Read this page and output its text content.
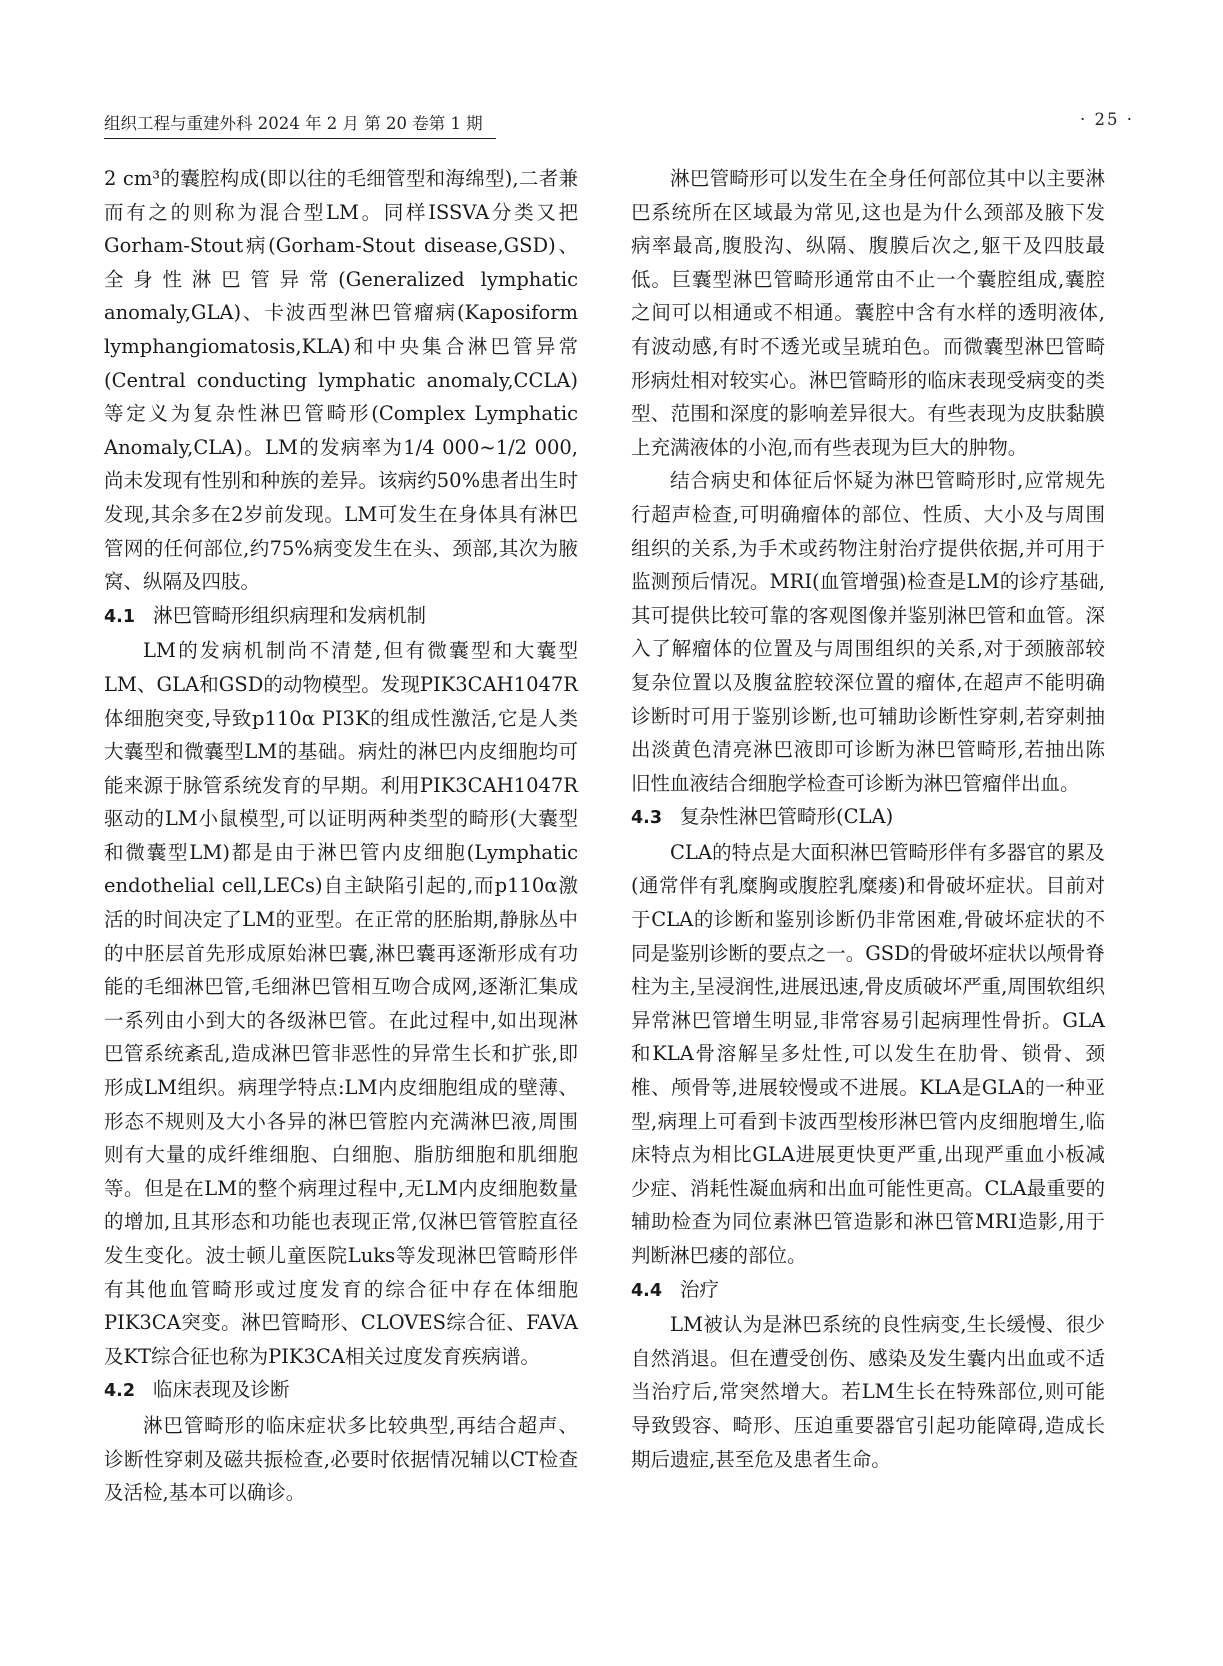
组织工程与重建外科 2024 年 2 月 第 20 卷第 1 期	· 25 ·

2 cm³的囊腔构成(即以往的毛细管型和海绵型),二者兼而有之的则称为混合型LM。同样ISSVA分类又把Gorham-Stout病(Gorham-Stout disease,GSD)、全身性淋巴管异常(Generalized lymphatic anomaly,GLA)、卡波西型淋巴管瘤病(Kaposiform lymphangiomatosis,KLA)和中央集合淋巴管异常(Central conducting lymphatic anomaly,CCLA)等定义为复杂性淋巴管畸形(Complex Lymphatic Anomaly,CLA)。LM的发病率为1/4 000~1/2 000,尚未发现有性别和种族的差异。该病约50%患者出生时发现,其余多在2岁前发现。LM可发生在身体具有淋巴管网的任何部位,约75%病变发生在头、颈部,其次为腋窝、纵隔及四肢。

4.1 淋巴管畸形组织病理和发病机制

LM的发病机制尚不清楚,但有微囊型和大囊型LM、GLA和GSD的动物模型。发现PIK3CAH1047R体细胞突变,导致p110α PI3K的组成性激活,它是人类大囊型和微囊型LM的基础。病灶的淋巴内皮细胞均可能来源于脉管系统发育的早期。利用PIK3CAH1047R驱动的LM小鼠模型,可以证明两种类型的畸形(大囊型和微囊型LM)都是由于淋巴管内皮细胞(Lymphatic endothelial cell,LECs)自主缺陷引起的,而p110α激活的时间决定了LM的亚型。在正常的胚胎期,静脉丛中的中胚层首先形成原始淋巴囊,淋巴囊再逐渐形成有功能的毛细淋巴管,毛细淋巴管相互吻合成网,逐渐汇集成一系列由小到大的各级淋巴管。在此过程中,如出现淋巴管系统紊乱,造成淋巴管非恶性的异常生长和扩张,即形成LM组织。病理学特点:LM内皮细胞组成的壁薄、形态不规则及大小各异的淋巴管腔内充满淋巴液,周围则有大量的成纤维细胞、白细胞、脂肪细胞和肌细胞等。但是在LM的整个病理过程中,无LM内皮细胞数量的增加,且其形态和功能也表现正常,仅淋巴管管腔直径发生变化。波士顿儿童医院Luks等发现淋巴管畸形伴有其他血管畸形或过度发育的综合征中存在体细胞PIK3CA突变。淋巴管畸形、CLOVES综合征、FAVA及KT综合征也称为PIK3CA相关过度发育疾病谱。

4.2 临床表现及诊断

淋巴管畸形的临床症状多比较典型,再结合超声、诊断性穿刺及磁共振检查,必要时依据情况辅以CT检查及活检,基本可以确诊。

淋巴管畸形可以发生在全身任何部位其中以主要淋巴系统所在区域最为常见,这也是为什么颈部及腋下发病率最高,腹股沟、纵隔、腹膜后次之,躯干及四肢最低。巨囊型淋巴管畸形通常由不止一个囊腔组成,囊腔之间可以相通或不相通。囊腔中含有水样的透明液体,有波动感,有时不透光或呈琥珀色。而微囊型淋巴管畸形病灶相对较实心。淋巴管畸形的临床表现受病变的类型、范围和深度的影响差异很大。有些表现为皮肤黏膜上充满液体的小泡,而有些表现为巨大的肿物。

结合病史和体征后怀疑为淋巴管畸形时,应常规先行超声检查,可明确瘤体的部位、性质、大小及与周围组织的关系,为手术或药物注射治疗提供依据,并可用于监测预后情况。MRI(血管增强)检查是LM的诊疗基础,其可提供比较可靠的客观图像并鉴别淋巴管和血管。深入了解瘤体的位置及与周围组织的关系,对于颈腋部较复杂位置以及腹盆腔较深位置的瘤体,在超声不能明确诊断时可用于鉴别诊断,也可辅助诊断性穿刺,若穿刺抽出淡黄色清亮淋巴液即可诊断为淋巴管畸形,若抽出陈旧性血液结合细胞学检查可诊断为淋巴管瘤伴出血。

4.3 复杂性淋巴管畸形(CLA)

CLA的特点是大面积淋巴管畸形伴有多器官的累及(通常伴有乳糜胸或腹腔乳糜瘘)和骨破坏症状。目前对于CLA的诊断和鉴别诊断仍非常困难,骨破坏症状的不同是鉴别诊断的要点之一。GSD的骨破坏症状以颅骨脊柱为主,呈浸润性,进展迅速,骨皮质破坏严重,周围软组织异常淋巴管增生明显,非常容易引起病理性骨折。GLA和KLA骨溶解呈多灶性,可以发生在肋骨、锁骨、颈椎、颅骨等,进展较慢或不进展。KLA是GLA的一种亚型,病理上可看到卡波西型梭形淋巴管内皮细胞增生,临床特点为相比GLA进展更快更严重,出现严重血小板减少症、消耗性凝血病和出血可能性更高。CLA最重要的辅助检查为同位素淋巴管造影和淋巴管MRI造影,用于判断淋巴瘘的部位。

4.4 治疗

LM被认为是淋巴系统的良性病变,生长缓慢、很少自然消退。但在遭受创伤、感染及发生囊内出血或不适当治疗后,常突然增大。若LM生长在特殊部位,则可能导致毁容、畸形、压迫重要器官引起功能障碍,造成长期后遗症,甚至危及患者生命。
